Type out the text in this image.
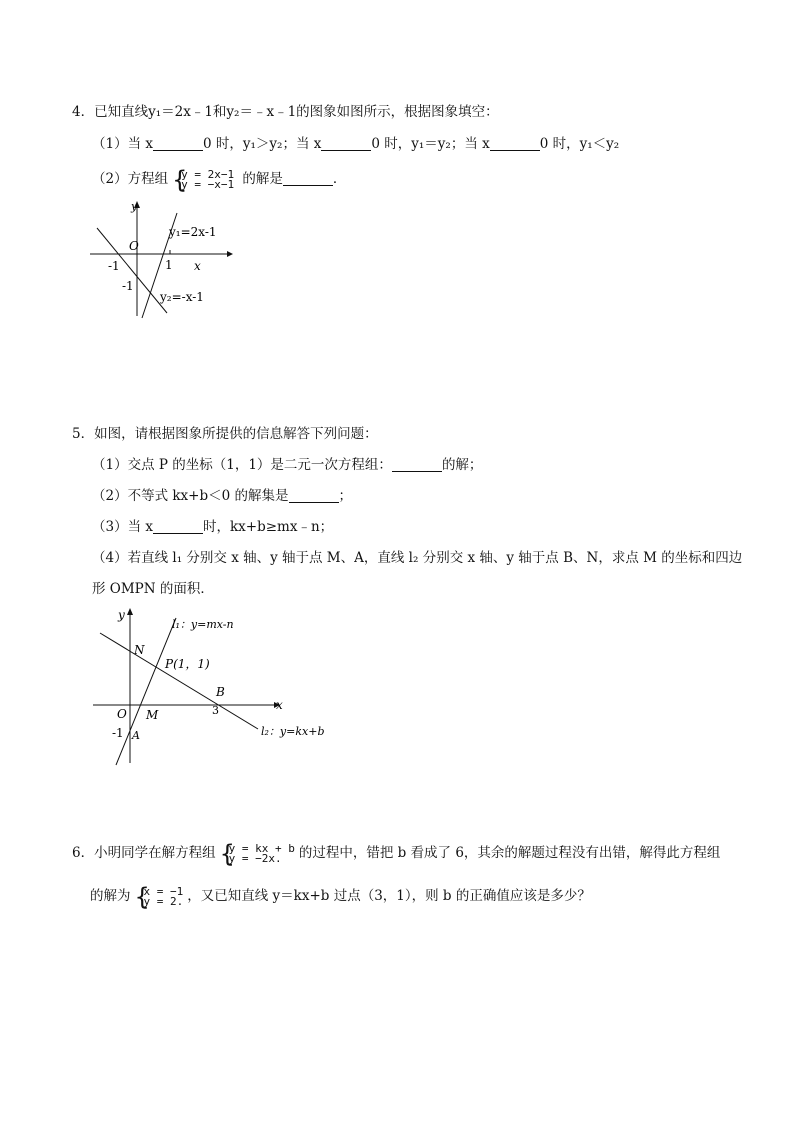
4．已知直线y₁＝2x﹣1和y₂＝﹣x﹣1的图象如图所示，根据图象填空：
（1）当 x	0 时，y₁＞y₂；当 x	0 时，y₁＝y₂；当 x	0 时，y₁＜y₂
（2）方程组 {
y = 2x−1
y = −x−1 的解是	．
y
x
O
-1	1
-1
y₁=2x-1
y₂=-x-1
5．如图，请根据图象所提供的信息解答下列问题：
（1）交点 P 的坐标（1，1）是二元一次方程组：	的解；
（2）不等式 kx+b＜0 的解集是	；
（3）当 x	时，kx+b≥mx﹣n；
（4）若直线 l₁ 分别交 x 轴、y 轴于点 M、A，直线 l₂ 分别交 x 轴、y 轴于点 B、N，求点 M 的坐标和四边
形 OMPN 的面积．
y
x
O M
A
-1
N
B
3
P(1，1)
l₁：y=mx-n
l₂：y=kx+b
6．小明同学在解方程组 {
y = kx + b
y = −2x.	的过程中，错把 b 看成了 6，其余的解题过程没有出错，解得此方程组
的解为 {
x = −1
y = 2. ，又已知直线 y＝kx+b 过点（3，1），则 b 的正确值应该是多少？
